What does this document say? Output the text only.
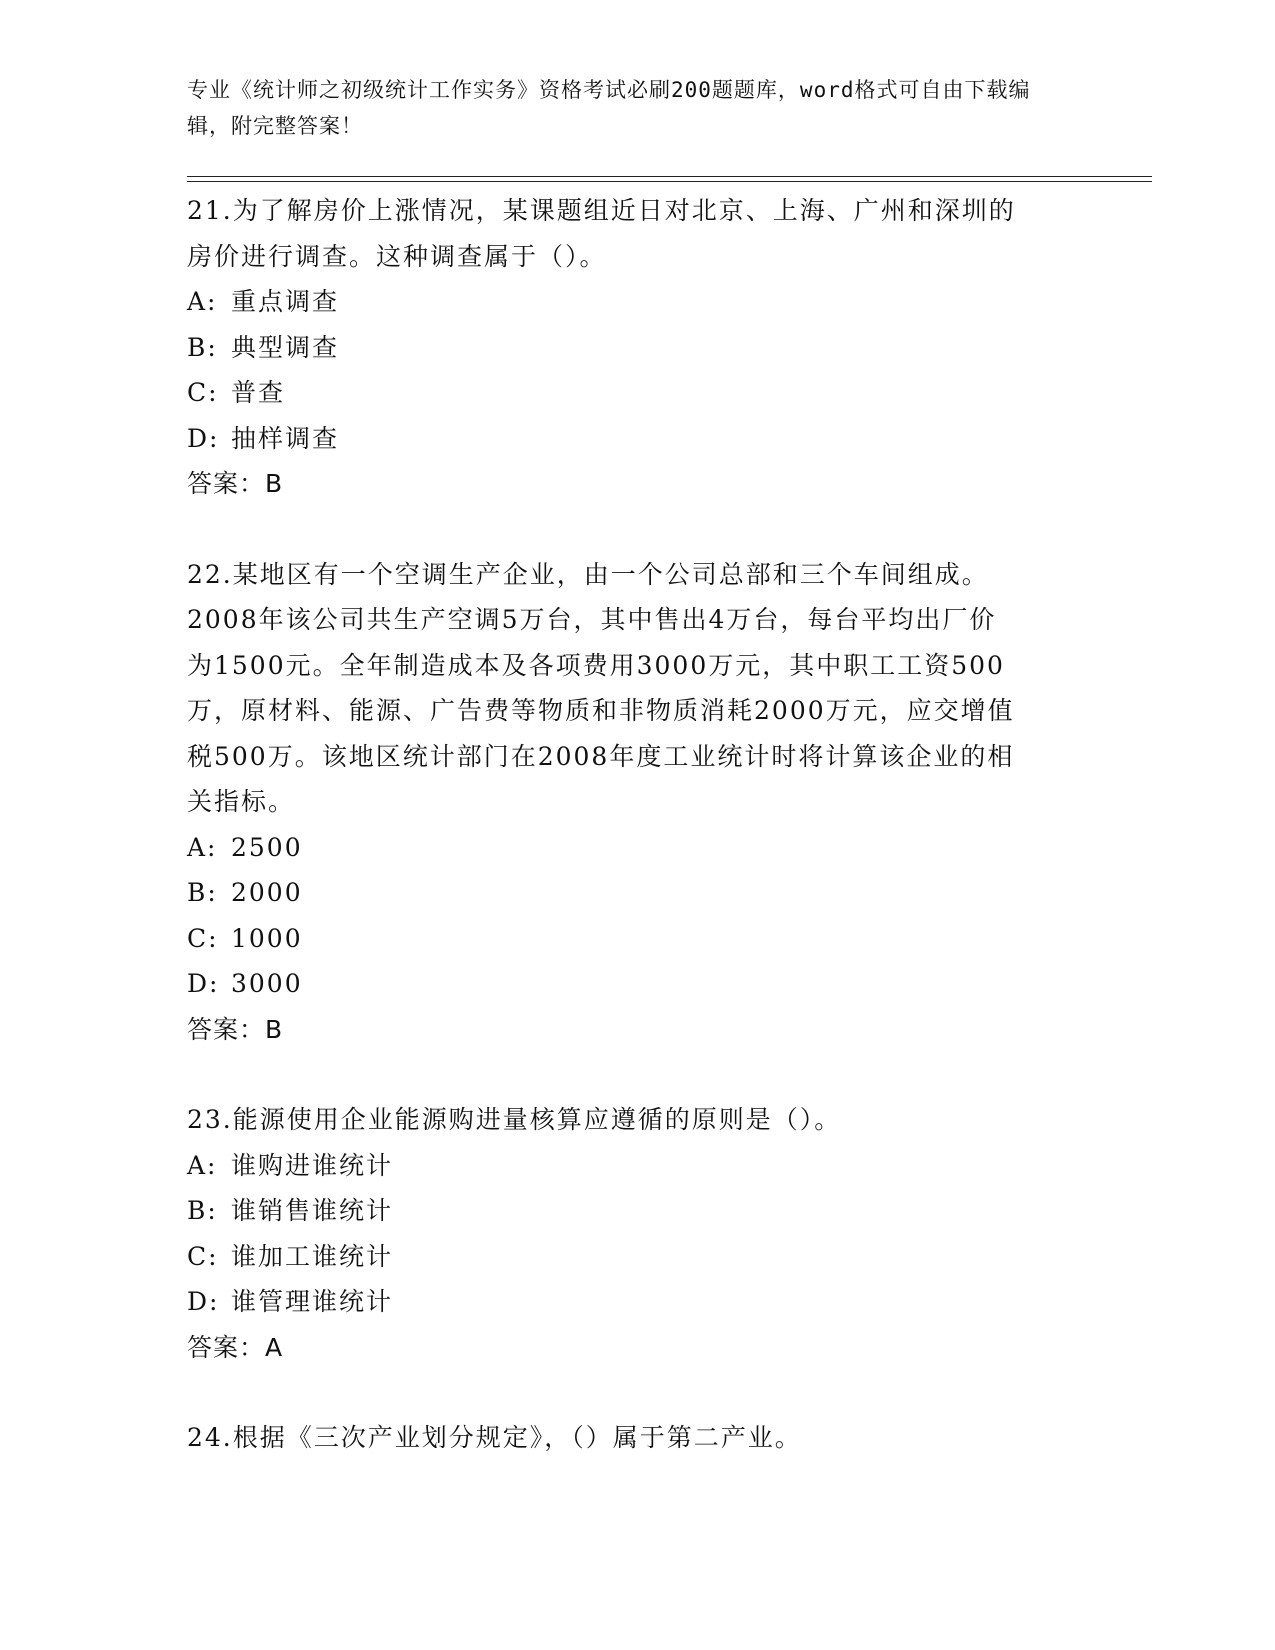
专业《统计师之初级统计工作实务》资格考试必刷200题题库，word格式可自由下载编辑，附完整答案！

21.为了解房价上涨情况，某课题组近日对北京、上海、广州和深圳的

房价进行调查。这种调查属于（）。

A: 重点调查
B: 典型调查
C: 普查
D: 抽样调查

答案：B

22.某地区有一个空调生产企业，由一个公司总部和三个车间组成。

2008年该公司共生产空调5万台，其中售出4万台，每台平均出厂价

为1500元。全年制造成本及各项费用3000万元，其中职工工资500

万，原材料、能源、广告费等物质和非物质消耗2000万元，应交增值

税500万。该地区统计部门在2008年度工业统计时将计算该企业的相

关指标。

A: 2500
B: 2000
C: 1000
D: 3000

答案：B

23.能源使用企业能源购进量核算应遵循的原则是（）。

A: 谁购进谁统计
B: 谁销售谁统计
C: 谁加工谁统计
D: 谁管理谁统计

答案：A

24.根据《三次产业划分规定》，（）属于第二产业。
